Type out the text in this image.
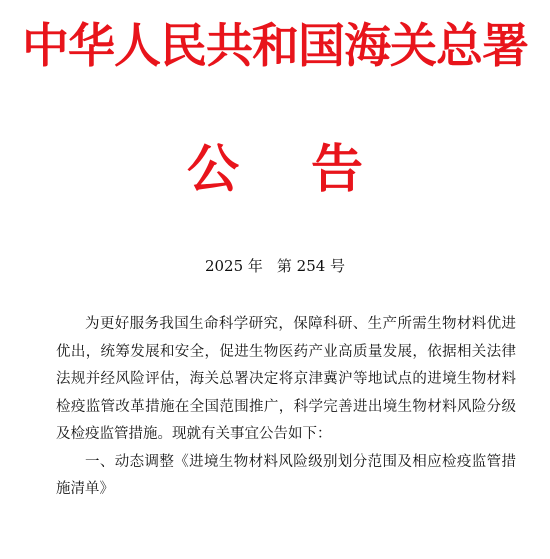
中华人民共和国海关总署
公告
2025 年 第 254 号

为更好服务我国生命科学研究，保障科研、生产所需生物材料优进优出，统筹发展和安全，促进生物医药产业高质量发展，依据相关法律法规并经风险评估，海关总署决定将京津冀沪等地试点的进境生物材料检疫监管改革措施在全国范围推广，科学完善进出境生物材料风险分级及检疫监管措施。现就有关事宜公告如下：

一、动态调整《进境生物材料风险级别划分范围及相应检疫监管措施清单》
